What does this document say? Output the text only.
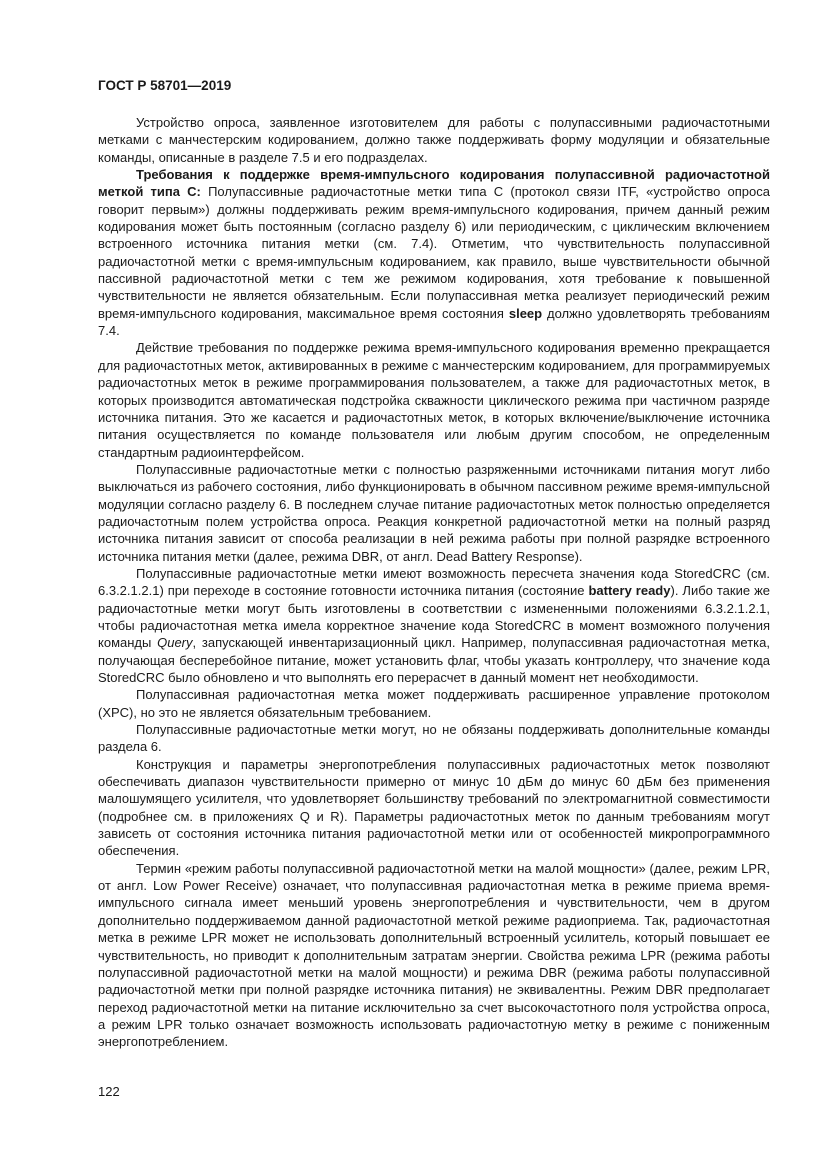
ГОСТ Р 58701—2019

Устройство опроса, заявленное изготовителем для работы с полупассивными радиочастотными метками с манчестерским кодированием, должно также поддерживать форму модуляции и обязательные команды, описанные в разделе 7.5 и его подразделах.

Требования к поддержке время-импульсного кодирования полупассивной радиочастотной меткой типа С: Полупассивные радиочастотные метки типа С (протокол связи ITF, «устройство опроса говорит первым») должны поддерживать режим время-импульсного кодирования, причем данный режим кодирования может быть постоянным (согласно разделу 6) или периодическим, с циклическим включением встроенного источника питания метки (см. 7.4). Отметим, что чувствительность полупассивной радиочастотной метки с время-импульсным кодированием, как правило, выше чувствительности обычной пассивной радиочастотной метки с тем же режимом кодирования, хотя требование к повышенной чувствительности не является обязательным. Если полупассивная метка реализует периодический режим время-импульсного кодирования, максимальное время состояния sleep должно удовлетворять требованиям 7.4.

Действие требования по поддержке режима время-импульсного кодирования временно прекращается для радиочастотных меток, активированных в режиме с манчестерским кодированием, для программируемых радиочастотных меток в режиме программирования пользователем, а также для радиочастотных меток, в которых производится автоматическая подстройка скважности циклического режима при частичном разряде источника питания. Это же касается и радиочастотных меток, в которых включение/выключение источника питания осуществляется по команде пользователя или любым другим способом, не определенным стандартным радиоинтерфейсом.

Полупассивные радиочастотные метки с полностью разряженными источниками питания могут либо выключаться из рабочего состояния, либо функционировать в обычном пассивном режиме время-импульсной модуляции согласно разделу 6. В последнем случае питание радиочастотных меток полностью определяется радиочастотным полем устройства опроса. Реакция конкретной радиочастотной метки на полный разряд источника питания зависит от способа реализации в ней режима работы при полной разрядке встроенного источника питания метки (далее, режима DBR, от англ. Dead Battery Response).

Полупассивные радиочастотные метки имеют возможность пересчета значения кода StoredCRC (см. 6.3.2.1.2.1) при переходе в состояние готовности источника питания (состояние battery ready). Либо такие же радиочастотные метки могут быть изготовлены в соответствии с измененными положениями 6.3.2.1.2.1, чтобы радиочастотная метка имела корректное значение кода StoredCRC в момент возможного получения команды Query, запускающей инвентаризационный цикл. Например, полупассивная радиочастотная метка, получающая бесперебойное питание, может установить флаг, чтобы указать контроллеру, что значение кода StoredCRC было обновлено и что выполнять его перерасчет в данный момент нет необходимости.

Полупассивная радиочастотная метка может поддерживать расширенное управление протоколом (XPC), но это не является обязательным требованием.

Полупассивные радиочастотные метки могут, но не обязаны поддерживать дополнительные команды раздела 6.

Конструкция и параметры энергопотребления полупассивных радиочастотных меток позволяют обеспечивать диапазон чувствительности примерно от минус 10 дБм до минус 60 дБм без применения малошумящего усилителя, что удовлетворяет большинству требований по электромагнитной совместимости (подробнее см. в приложениях Q и R). Параметры радиочастотных меток по данным требованиям могут зависеть от состояния источника питания радиочастотной метки или от особенностей микропрограммного обеспечения.

Термин «режим работы полупассивной радиочастотной метки на малой мощности» (далее, режим LPR, от англ. Low Power Receive) означает, что полупассивная радиочастотная метка в режиме приема время-импульсного сигнала имеет меньший уровень энергопотребления и чувствительности, чем в другом дополнительно поддерживаемом данной радиочастотной меткой режиме радиоприема. Так, радиочастотная метка в режиме LPR может не использовать дополнительный встроенный усилитель, который повышает ее чувствительность, но приводит к дополнительным затратам энергии. Свойства режима LPR (режима работы полупассивной радиочастотной метки на малой мощности) и режима DBR (режима работы полупассивной радиочастотной метки при полной разрядке источника питания) не эквивалентны. Режим DBR предполагает переход радиочастотной метки на питание исключительно за счет высокочастотного поля устройства опроса, а режим LPR только означает возможность использовать радиочастотную метку в режиме с пониженным энергопотреблением.

122
